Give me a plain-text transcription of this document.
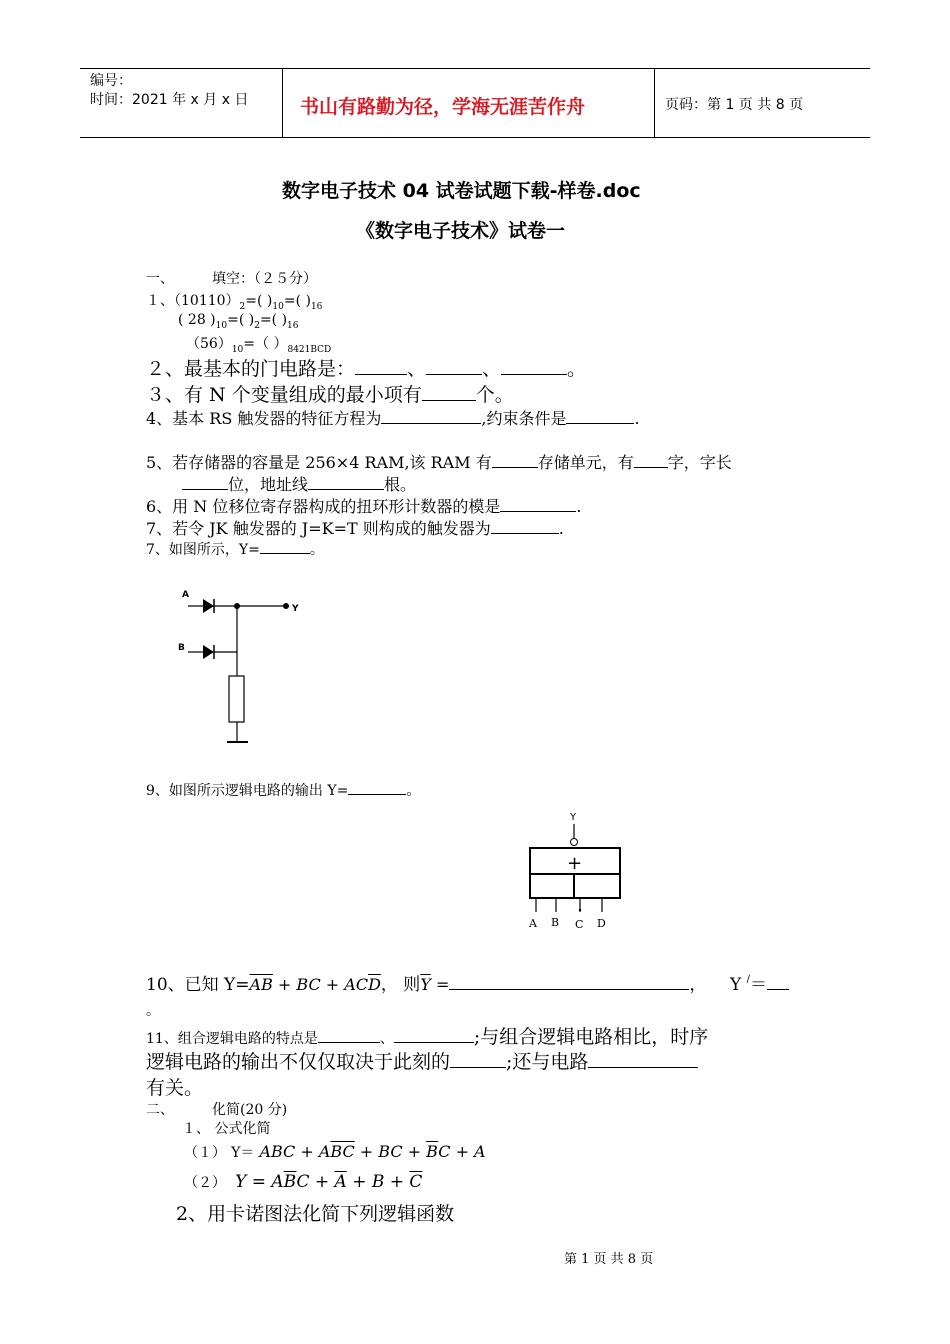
编号：
时间：2021 年 x 月 x 日	书山有路勤为径，学海无涯苦作舟	页码：第 1 页 共 8 页
数字电子技术 04 试卷试题下载-样卷.doc
《数字电子技术》试卷一
一、	填空：（２５分）
１、$(10110)_2=$( )$_{10}=$( )$_{16}$
( 28 )$_{10}=$( )$_2=$( )$_{16}$
$(56)_{10}=$（ ）$_{8421BCD}$
２、最基本的门电路是：	、	、	。
３、有 N 个变量组成的最小项有	个。
4、基本 RS 触发器的特征方程为	,约束条件是	.
5、若存储器的容量是 256×4 RAM,该 RAM 有	存储单元，有 字，字长
位，地址线	根。
6、用 N 位移位寄存器构成的扭环形计数器的模是	.
7、若令 JK 触发器的 J=K=T 则构成的触发器为	.
7、如图所示，Y=	。
A
B
Y
9、如图所示逻辑电路的输出 Y=	。
Y
+
A B C D
10、已知 $Y=\overline{AB}$ + BC + $AC\overline{D}$， 则$\overline{Y}$ =	， Y /＝
。
11、组合逻辑电路的特点是	、	;与组合逻辑电路相比，时序
逻辑电路的输出不仅仅取决于此刻的	;还与电路
有关。
二、	化简(20 分)
１、 公式化简
（１） Y＝ ABC + $A\overline{BC}$ + BC + $\overline{B}C + A$
（２） $Y = A\overline{B}C + \overline{A} + B + \overline{C}$
2、用卡诺图法化简下列逻辑函数
第 1 页 共 8 页
